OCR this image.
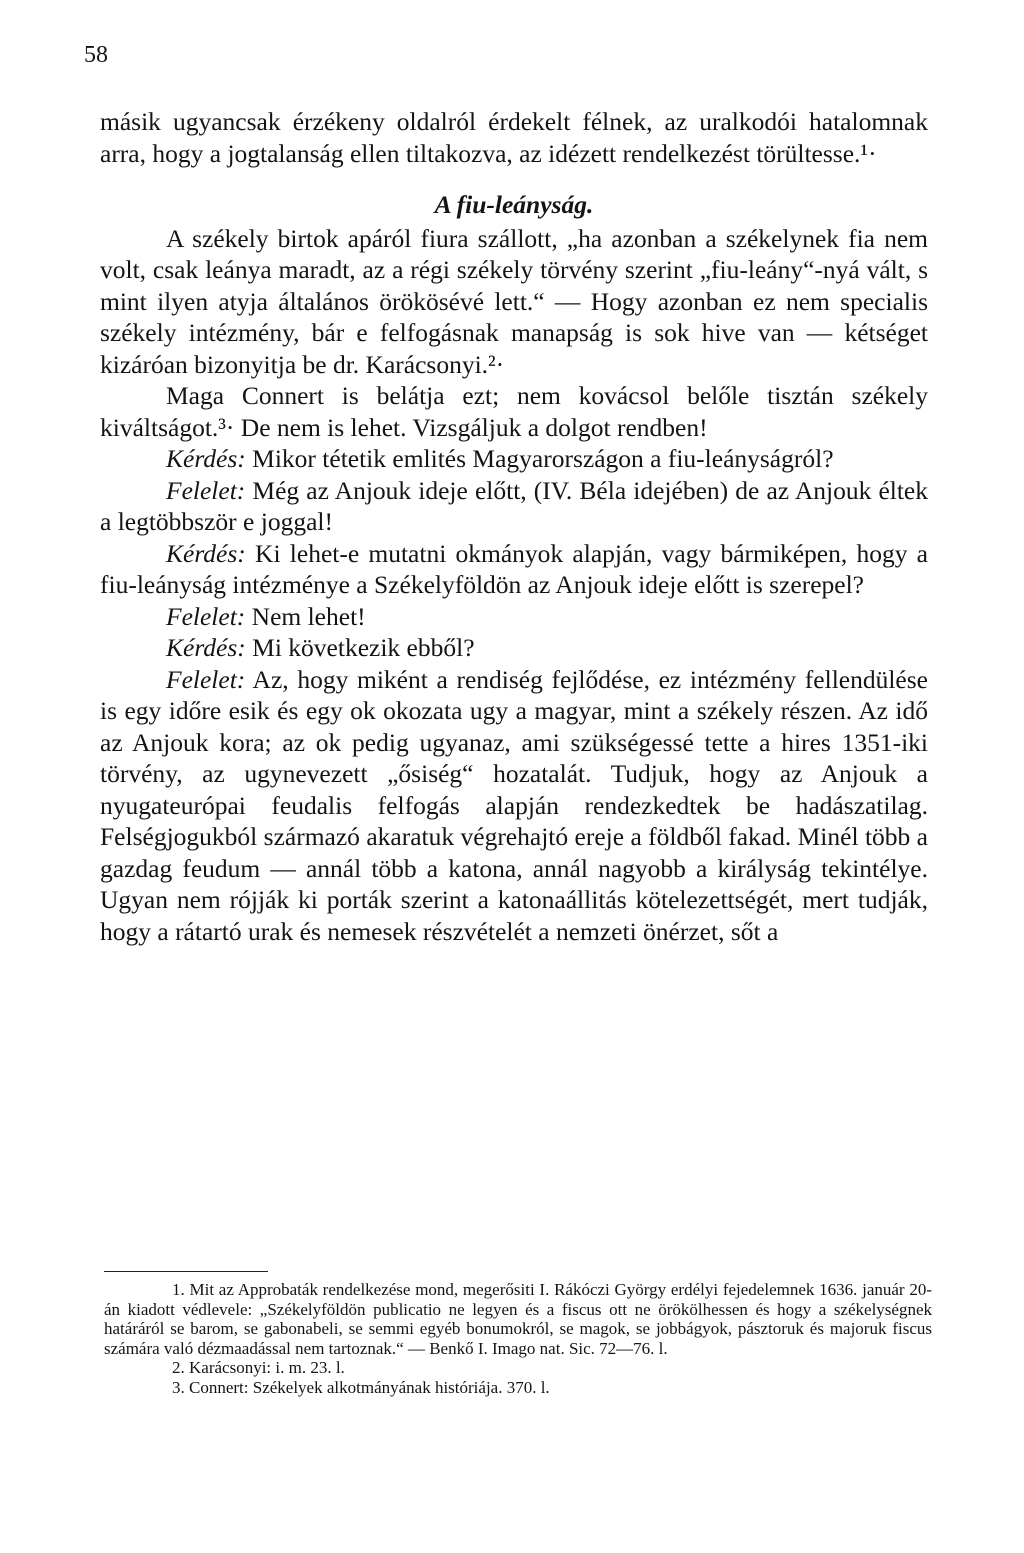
58

másik ugyancsak érzékeny oldalról érdekelt félnek, az uralkodói hatalomnak arra, hogy a jogtalanság ellen tiltakozva, az idézett rendelkezést törültesse.¹·

A fiu-leányság.

A székely birtok apáról fiura szállott, „ha azonban a székelynek fia nem volt, csak leánya maradt, az a régi székely törvény szerint „fiu-leány“-nyá vált, s mint ilyen atyja általános örökösévé lett.“ — Hogy azonban ez nem specialis székely intézmény, bár e felfogásnak manapság is sok hive van — kétséget kizáróan bizonyitja be dr. Karácsonyi.²·

Maga Connert is belátja ezt; nem kovácsol belőle tisztán székely kiváltságot.³· De nem is lehet. Vizsgáljuk a dolgot rendben!

Kérdés: Mikor tétetik emlités Magyarországon a fiu-leányságról?

Felelet: Még az Anjouk ideje előtt, (IV. Béla idejében) de az Anjouk éltek a legtöbbször e joggal!

Kérdés: Ki lehet-e mutatni okmányok alapján, vagy bármiképen, hogy a fiu-leányság intézménye a Székelyföldön az Anjouk ideje előtt is szerepel?

Felelet: Nem lehet!

Kérdés: Mi következik ebből?

Felelet: Az, hogy miként a rendiség fejlődése, ez intézmény fellendülése is egy időre esik és egy ok okozata ugy a magyar, mint a székely részen. Az idő az Anjouk kora; az ok pedig ugyanaz, ami szükségessé tette a hires 1351-iki törvény, az ugynevezett „ősiség“ hozatalát. Tudjuk, hogy az Anjouk a nyugateurópai feudalis felfogás alapján rendezkedtek be hadászatilag. Felségjogukból származó akaratuk végrehajtó ereje a földből fakad. Minél több a gazdag feudum — annál több a katona, annál nagyobb a királyság tekintélye. Ugyan nem rójják ki porták szerint a katonaállitás kötelezettségét, mert tudják, hogy a rátartó urak és nemesek részvételét a nemzeti önérzet, sőt a

1. Mit az Approbaták rendelkezése mond, megerősiti I. Rákóczi György erdélyi fejedelemnek 1636. január 20-án kiadott védlevele: „Székelyföldön publicatio ne legyen és a fiscus ott ne örökölhessen és hogy a székelységnek határáról se barom, se gabonabeli, se semmi egyéb bonumokról, se magok, se jobbágyok, pásztoruk és majoruk fiscus számára való dézmaadással nem tartoznak.“ — Benkő I. Imago nat. Sic. 72—76. l.

2. Karácsonyi: i. m. 23. l.

3. Connert: Székelyek alkotmányának históriája. 370. l.
